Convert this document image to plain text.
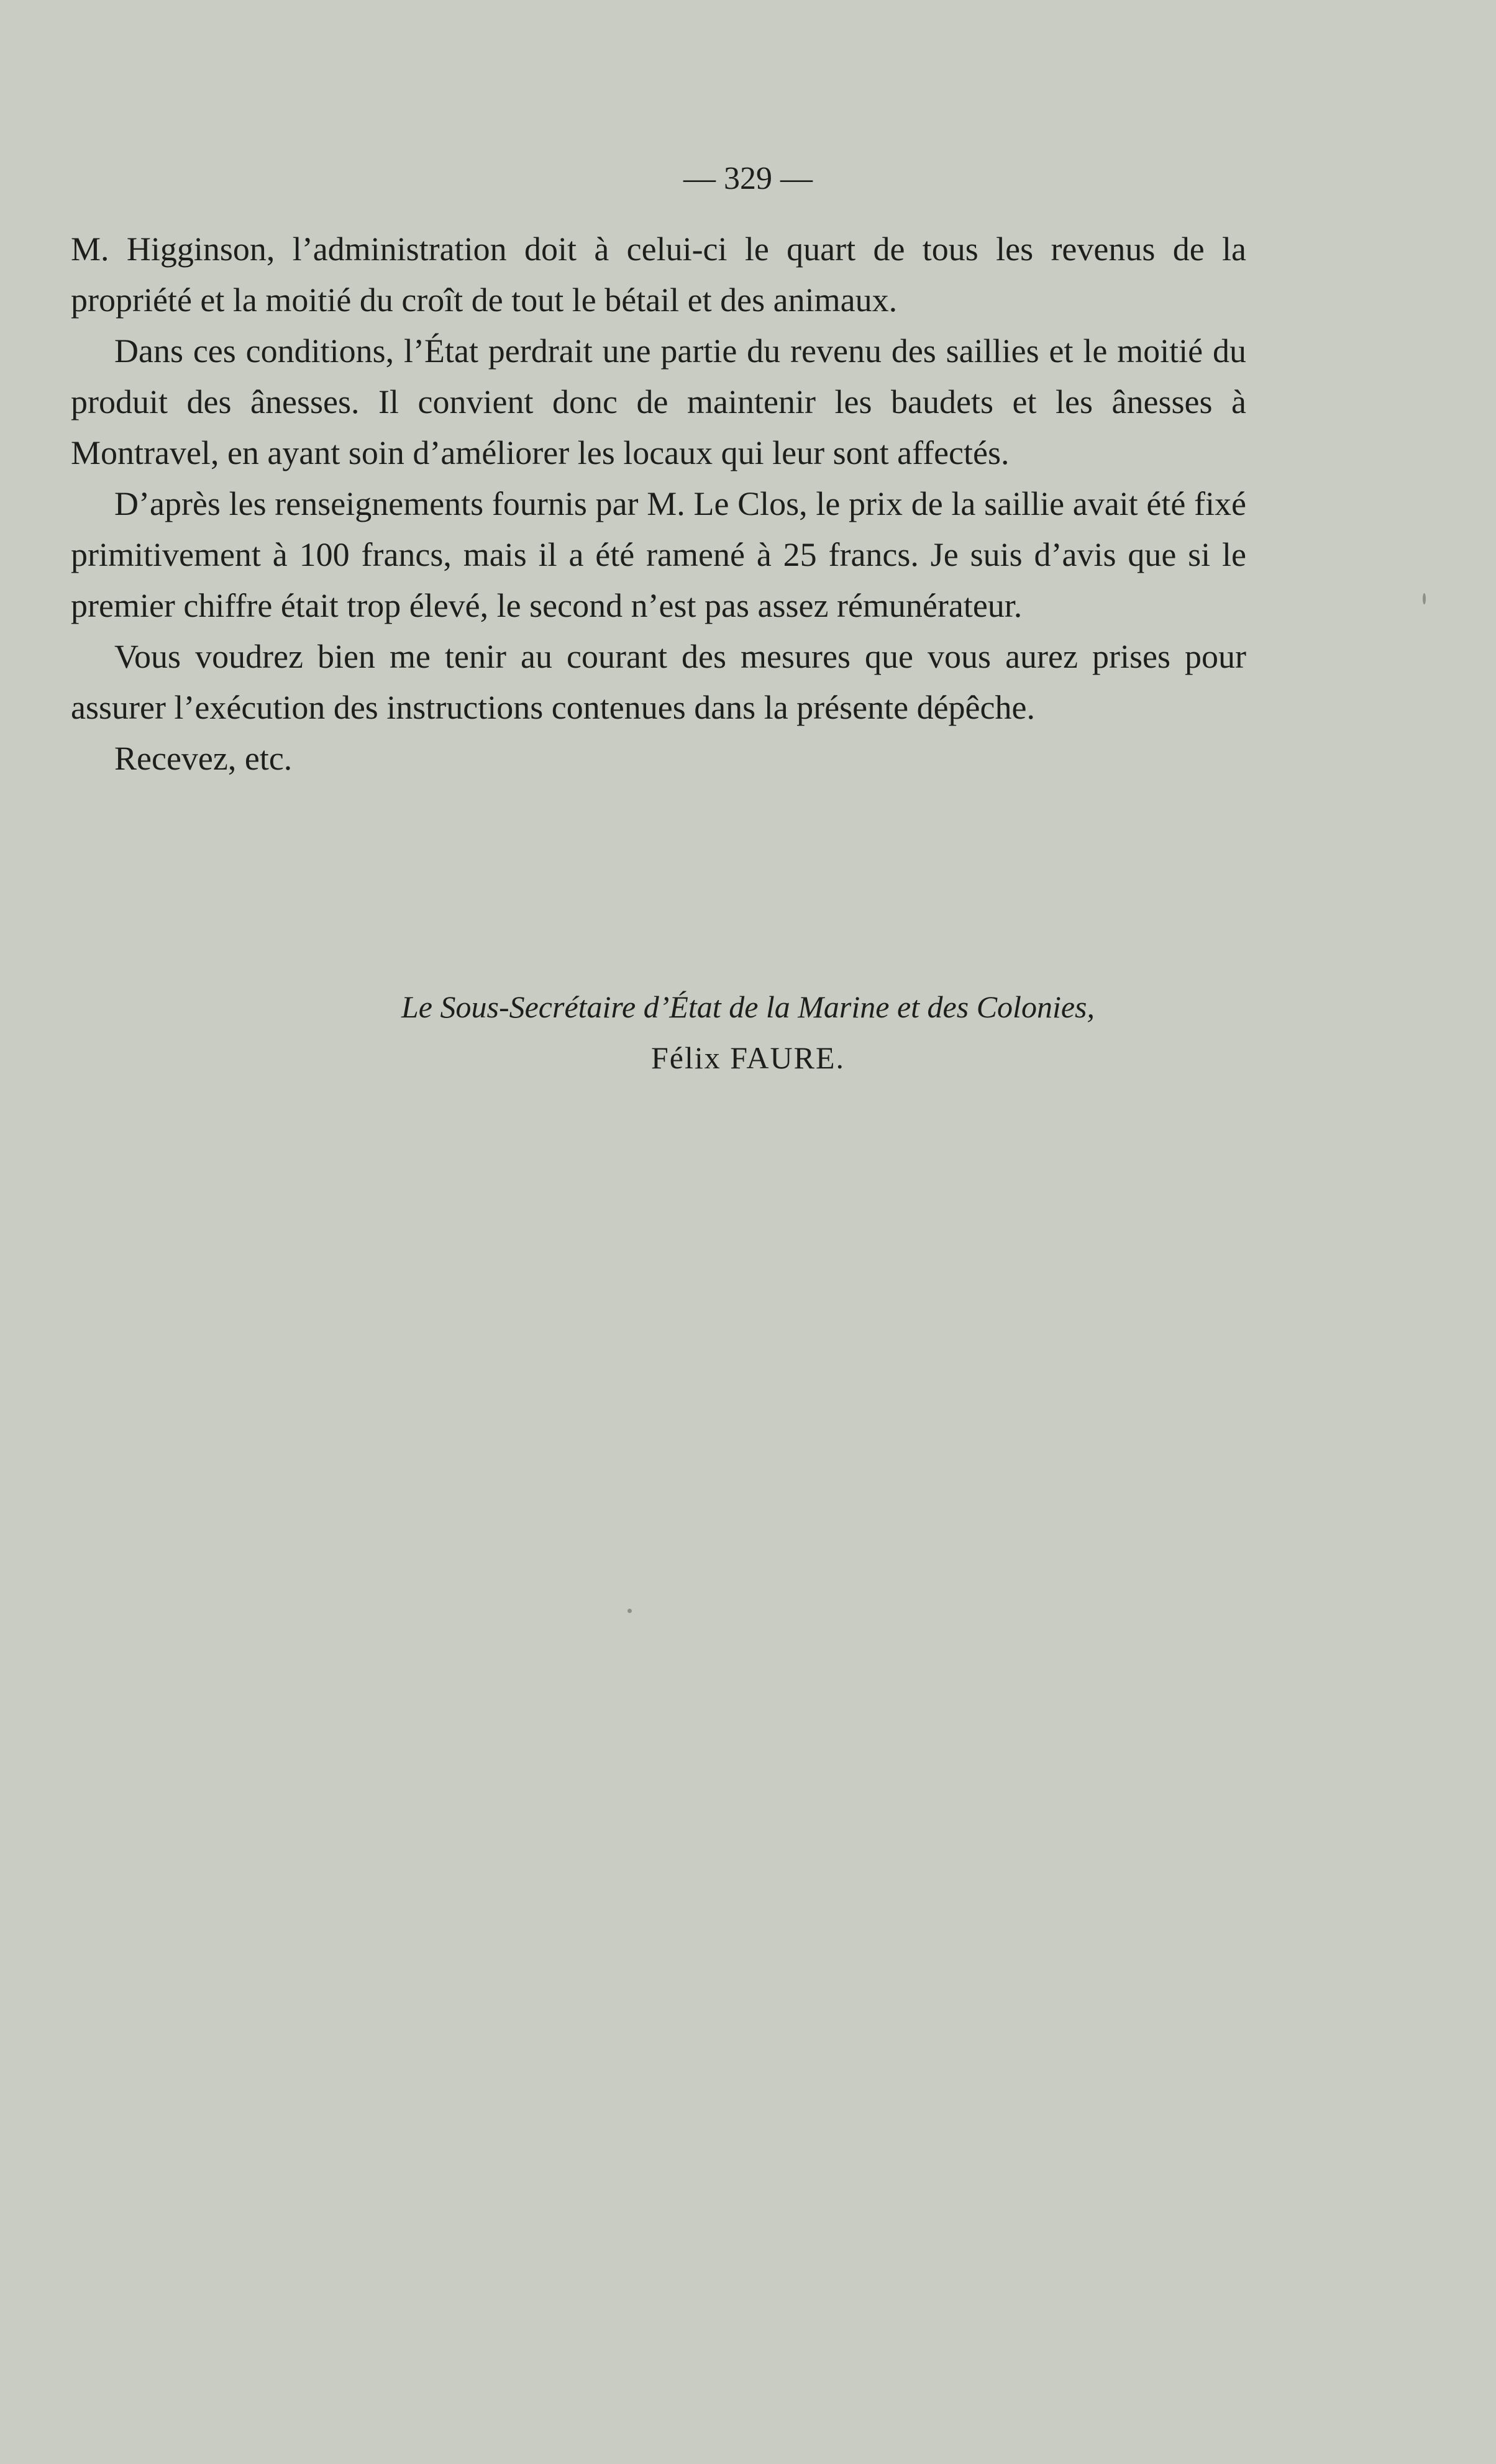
— 329 —

M. Higginson, l’administration doit à celui-ci le quart de tous les revenus de la propriété et la moitié du croît de tout le bétail et des animaux.

Dans ces conditions, l’État perdrait une partie du revenu des saillies et le moitié du produit des ânesses. Il convient donc de maintenir les baudets et les ânesses à Montravel, en ayant soin d’améliorer les locaux qui leur sont affectés.

D’après les renseignements fournis par M. Le Clos, le prix de la saillie avait été fixé primitivement à 100 francs, mais il a été ramené à 25 francs. Je suis d’avis que si le premier chiffre était trop élevé, le second n’est pas assez rémunérateur.

Vous voudrez bien me tenir au courant des mesures que vous aurez prises pour assurer l’exécution des instructions contenues dans la présente dépêche.

Recevez, etc.

Le Sous-Secrétaire d’État de la Marine et des Colonies,
Félix FAURE.
